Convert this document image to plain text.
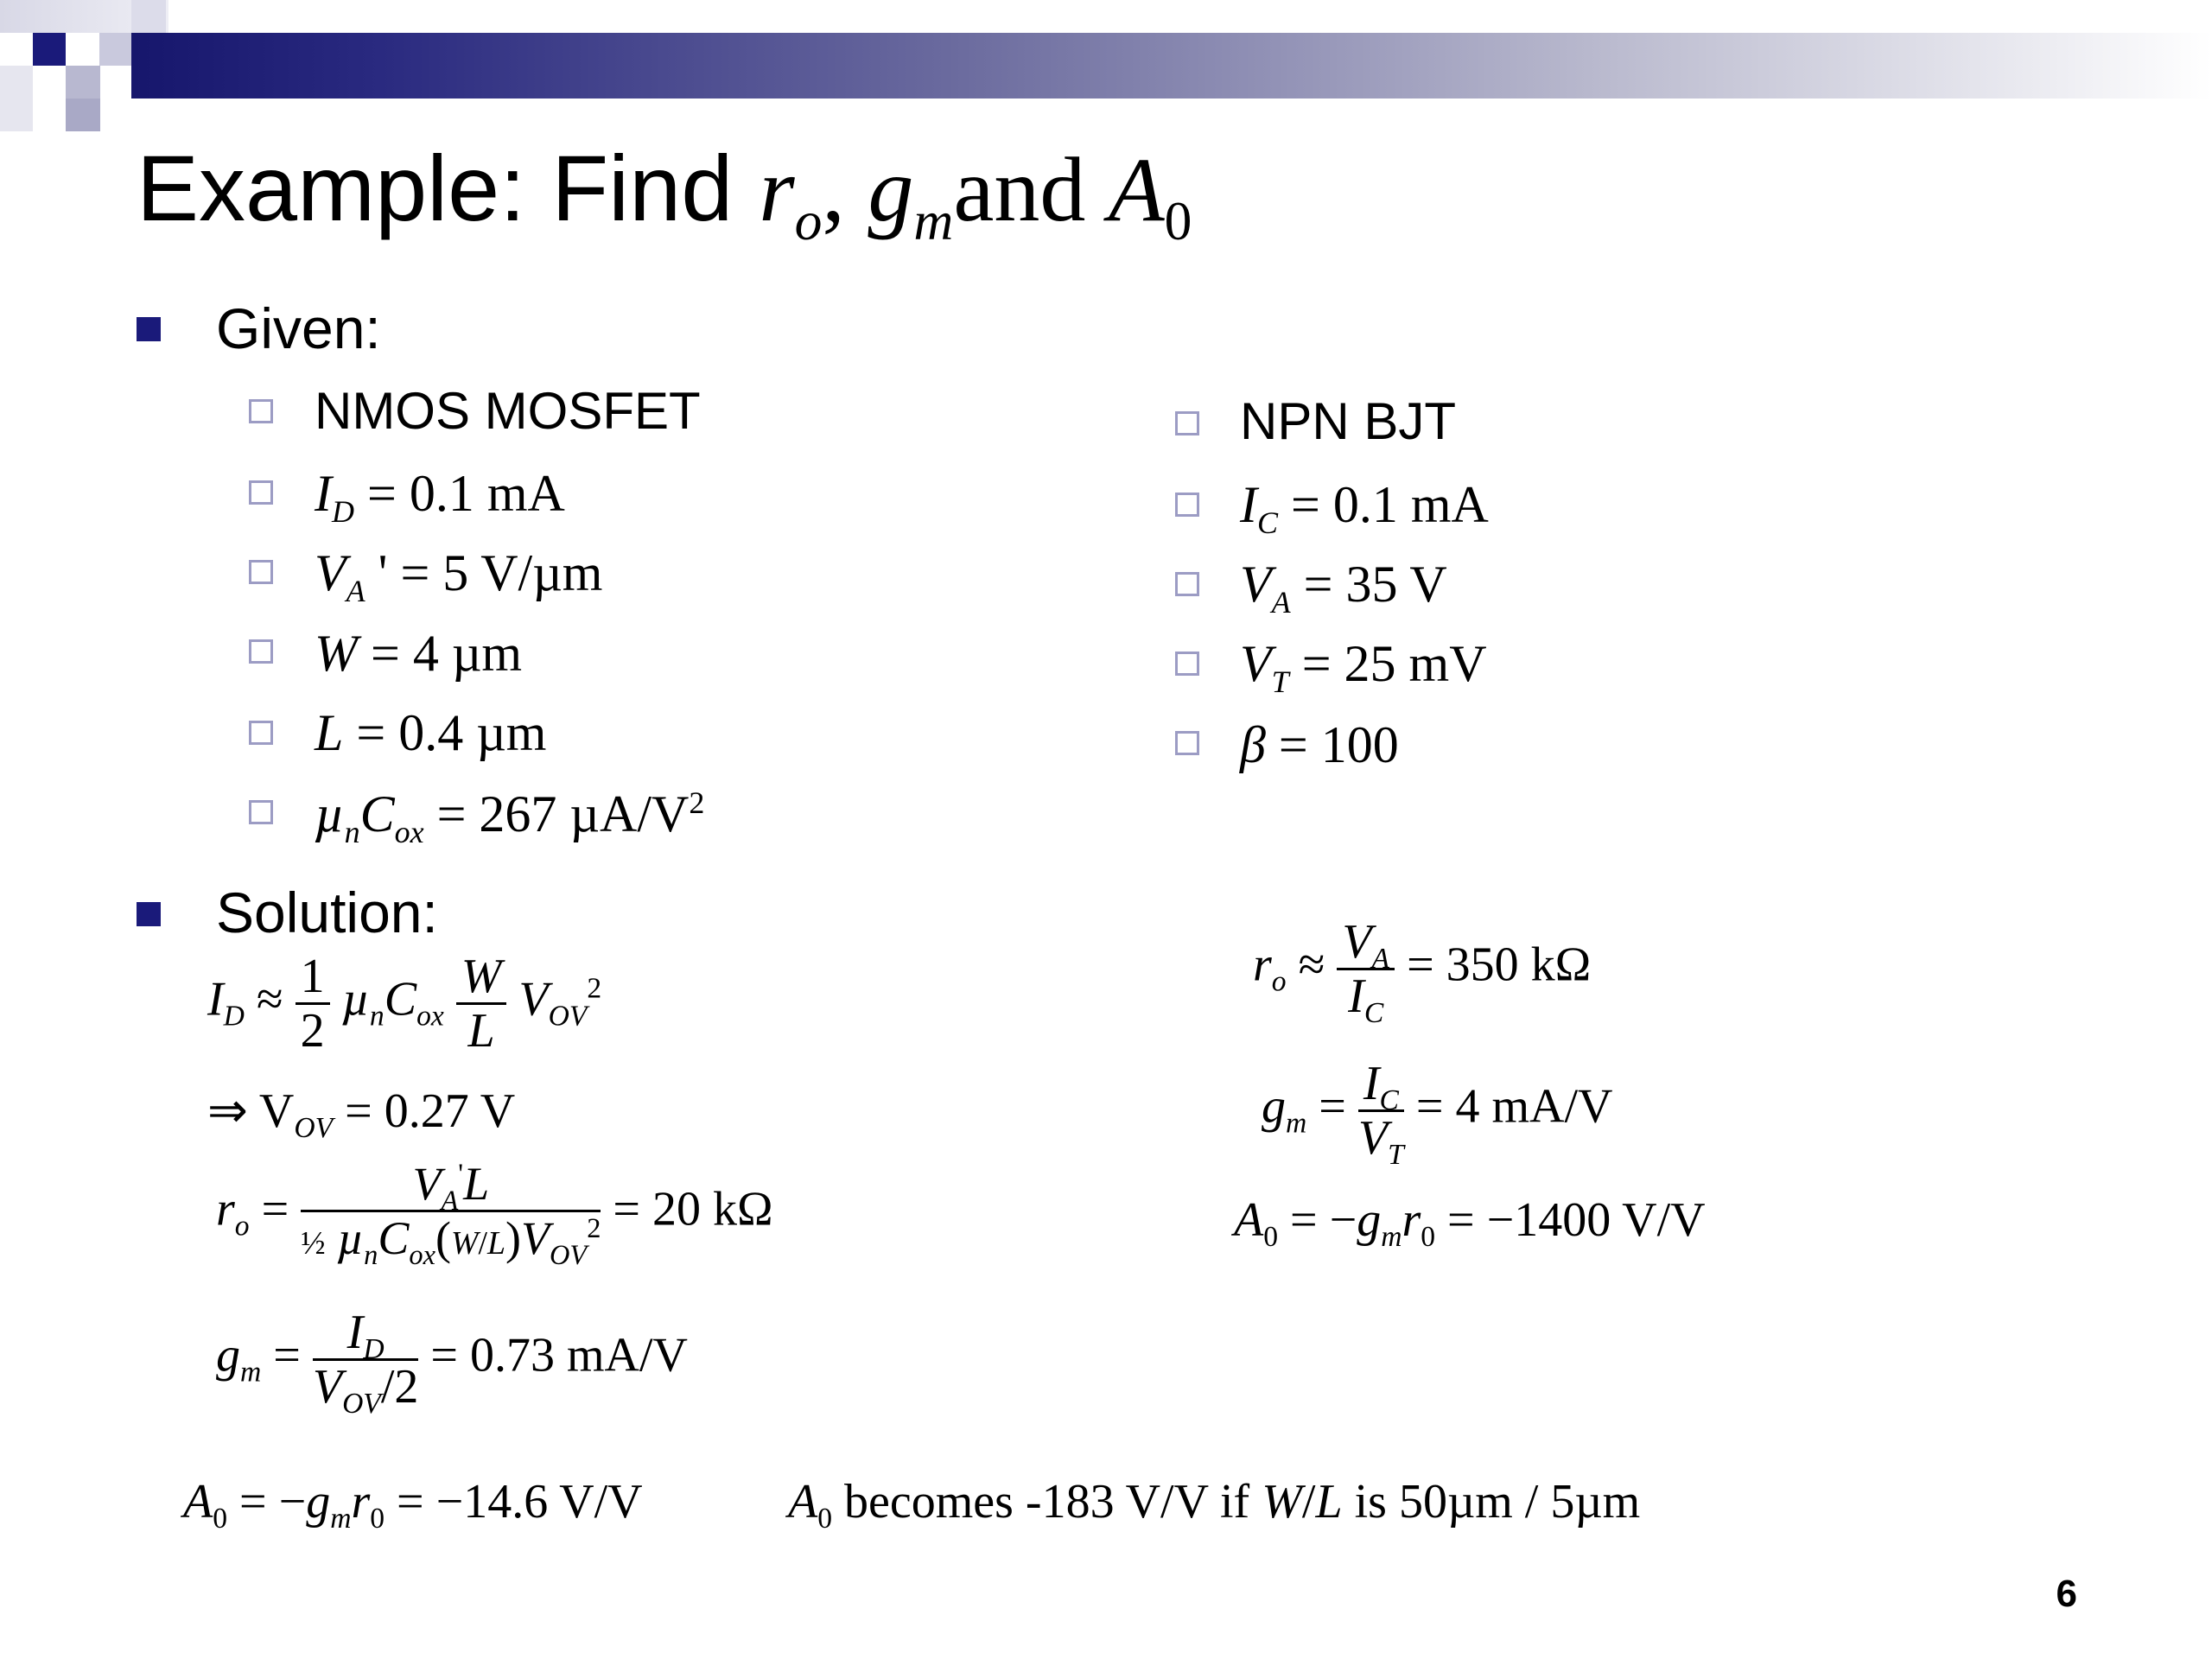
Example: Find $r_o$, $g_mand$ $A_0$
Given:
NMOS MOSFET
$I_D = 0.1$ mA
$V_A$ ' = 5 V/µm
W = 4 µm
L = 0.4 µm
$\mu_nC_{ox} = 267$ $\mu A/V^2$
NPN BJT
$I_C = 0.1$ mA
$V_A = 35$ V
$V_T = 25$ mV
β = 100
Solution:
$I_D \approx \frac{1}{2} \mu_nC_{ox} \frac{W}{L} V_{OV}^2$
⇒ $V_{OV} = 0.27$ V
$r_o = \frac{V_A'L}{\frac{1}{2} \mu_nC_{ox}(W/L)V_{OV}^2} = 20$ kΩ
$g_m = \frac{I_D}{V_{OV}/2} = 0.73$ mA/V
$A_0 = -g_mr_0 = -14.6$ V/V	$A_0$ becomes -183 V/V if W/L is 50µm / 5µm
$r_o \approx \frac{V_A}{I_C} = 350$ kΩ
$g_m = \frac{I_C}{V_T} = 4$ mA/V
$A_0 = -g_mr_0 = -1400$ V/V
6
